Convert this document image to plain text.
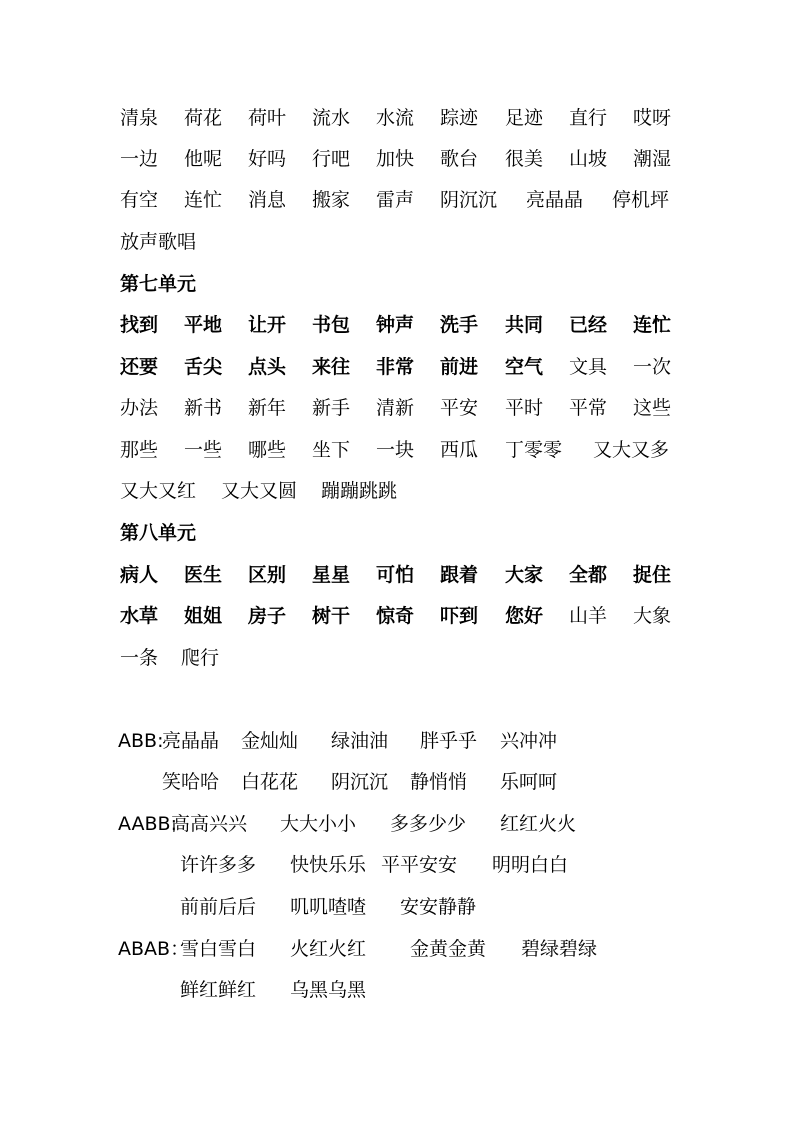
清泉 荷花 荷叶 流水 水流 踪迹 足迹 直行 哎呀
一边 他呢 好吗 行吧 加快 歌台 很美 山坡 潮湿
有空 连忙 消息 搬家 雷声 阴沉沉 亮晶晶 停机坪
放声歌唱
第七单元
找到 平地 让开 书包 钟声 洗手 共同 已经 连忙
还要 舌尖 点头 来往 非常 前进 空气 文具 一次
办法 新书 新年 新手 清新 平安 平时 平常 这些
那些 一些 哪些 坐下 一块 西瓜 丁零零 又大又多
又大又红 又大又圆 蹦蹦跳跳
第八单元
病人 医生 区别 星星 可怕 跟着 大家 全都 捉住
水草 姐姐 房子 树干 惊奇 吓到 您好 山羊 大象
一条 爬行
ABB:
亮晶晶 金灿灿 绿油油 胖乎乎 兴冲冲
笑哈哈 白花花 阴沉沉 静悄悄 乐呵呵
AABB:
高高兴兴 大大小小 多多少少 红红火火
许许多多 快快乐乐 平平安安 明明白白
前前后后 叽叽喳喳 安安静静
ABAB：
雪白雪白 火红火红 金黄金黄 碧绿碧绿
鲜红鲜红 乌黑乌黑
